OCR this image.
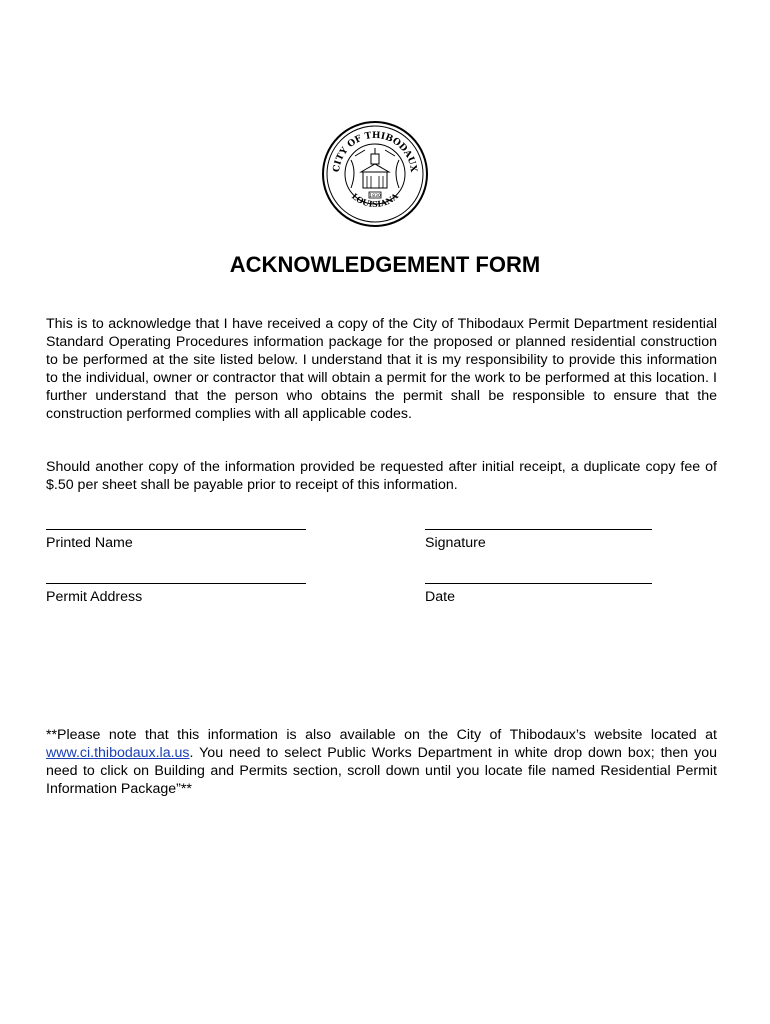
CITY OF THIBODAUX
LOUISIANA
1830
ACKNOWLEDGEMENT FORM
This is to acknowledge that I have received a copy of the City of Thibodaux Permit Department residential Standard Operating Procedures information package for the proposed or planned residential construction to be performed at the site listed below. I understand that it is my responsibility to provide this information to the individual, owner or contractor that will obtain a permit for the work to be performed at this location. I further understand that the person who obtains the permit shall be responsible to ensure that the construction performed complies with all applicable codes.
Should another copy of the information provided be requested after initial receipt, a duplicate copy fee of $.50 per sheet shall be payable prior to receipt of this information.
Printed Name	Signature
Permit Address	Date
**Please note that this information is also available on the City of Thibodaux’s website located at www.ci.thibodaux.la.us. You need to select Public Works Department in white drop down box; then you need to click on Building and Permits section, scroll down until you locate file named Residential Permit Information Package”**
